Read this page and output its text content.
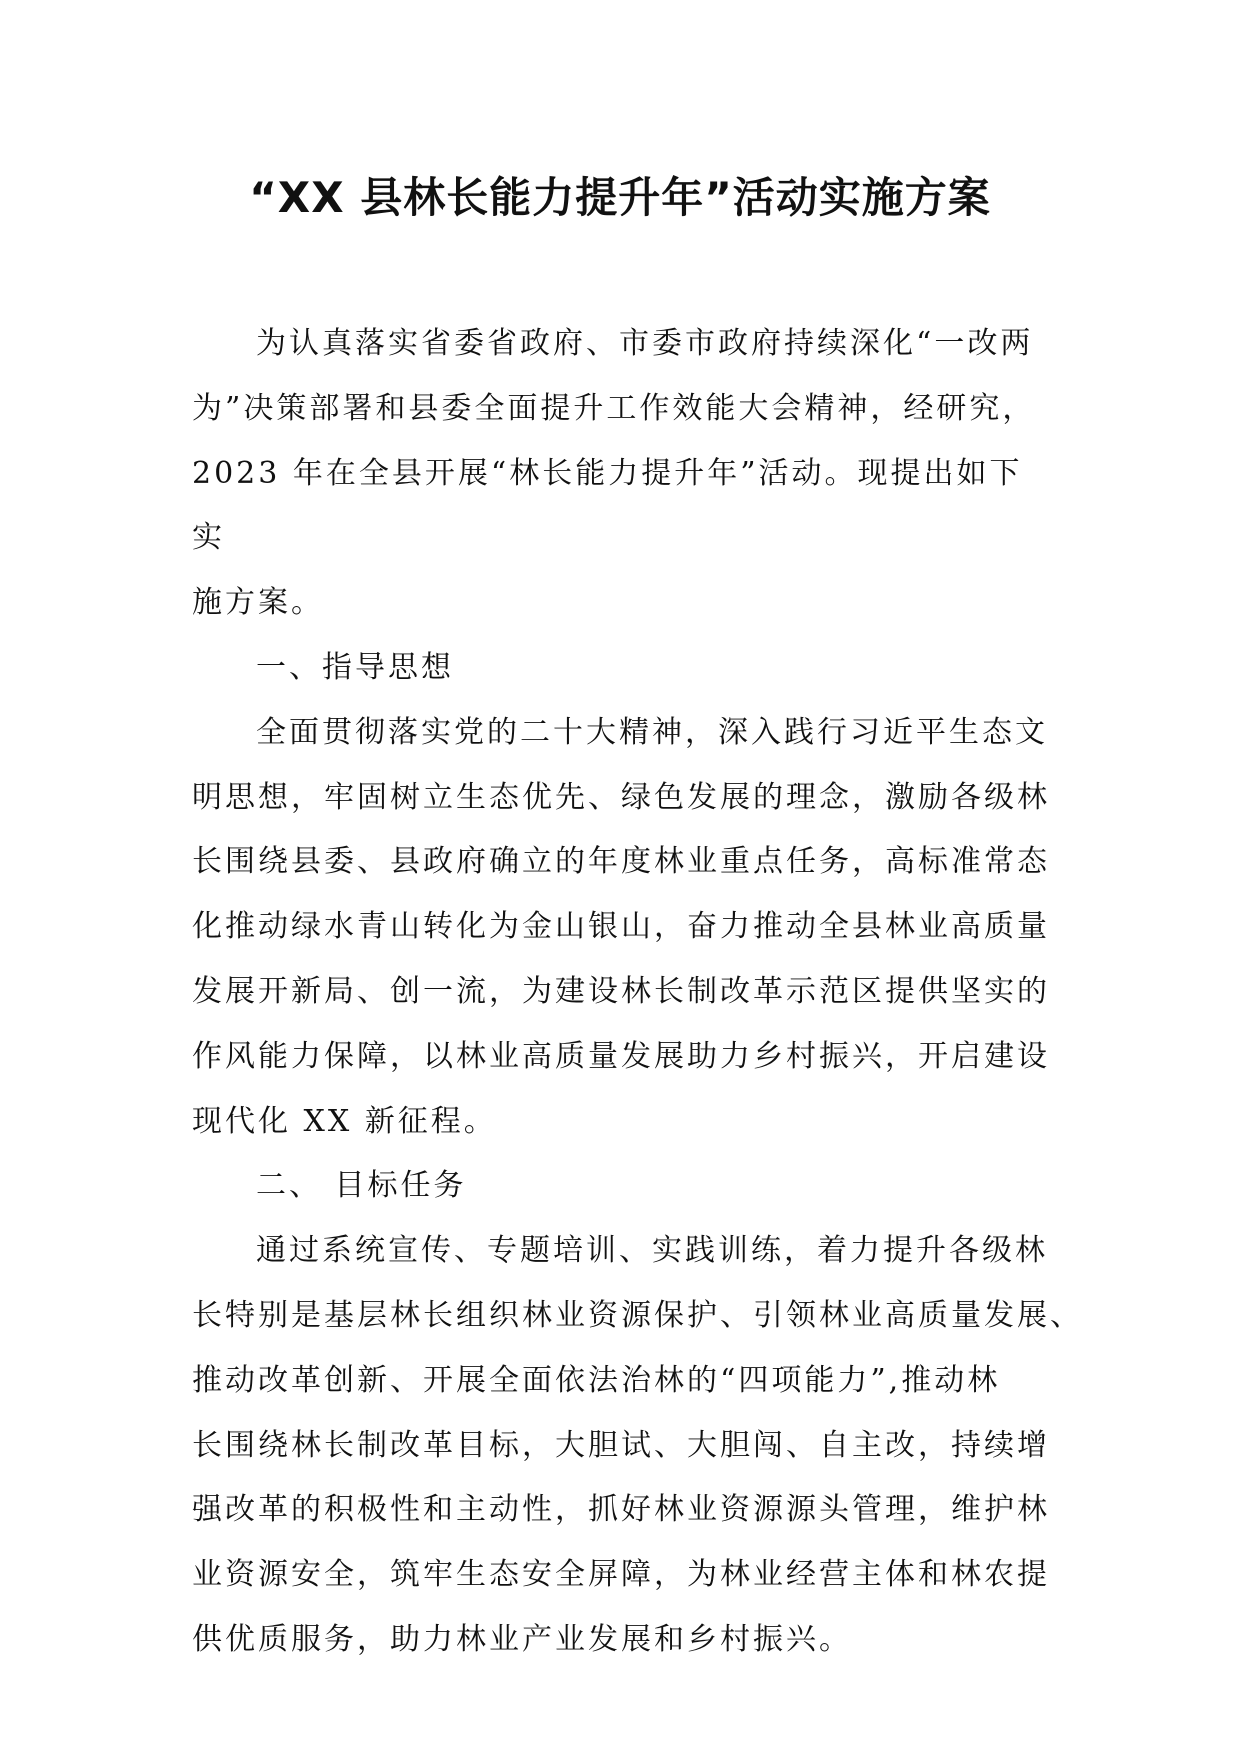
“XX 县林长能力提升年”活动实施方案
为认真落实省委省政府、市委市政府持续深化“一改两
为”决策部署和县委全面提升工作效能大会精神，经研究，
2023 年在全县开展“林长能力提升年”活动。现提出如下
实
施方案。
一、指导思想
全面贯彻落实党的二十大精神，深入践行习近平生态文
明思想，牢固树立生态优先、绿色发展的理念，激励各级林
长围绕县委、县政府确立的年度林业重点任务，高标准常态
化推动绿水青山转化为金山银山，奋力推动全县林业高质量
发展开新局、创一流，为建设林长制改革示范区提供坚实的
作风能力保障，以林业高质量发展助力乡村振兴，开启建设
现代化 XX 新征程。
二、 目标任务
通过系统宣传、专题培训、实践训练，着力提升各级林
长特别是基层林长组织林业资源保护、引领林业高质量发展、
推动改革创新、开展全面依法治林的“四项能力”,推动林
长围绕林长制改革目标，大胆试、大胆闯、自主改，持续增
强改革的积极性和主动性，抓好林业资源源头管理，维护林
业资源安全，筑牢生态安全屏障，为林业经营主体和林农提
供优质服务，助力林业产业发展和乡村振兴。
